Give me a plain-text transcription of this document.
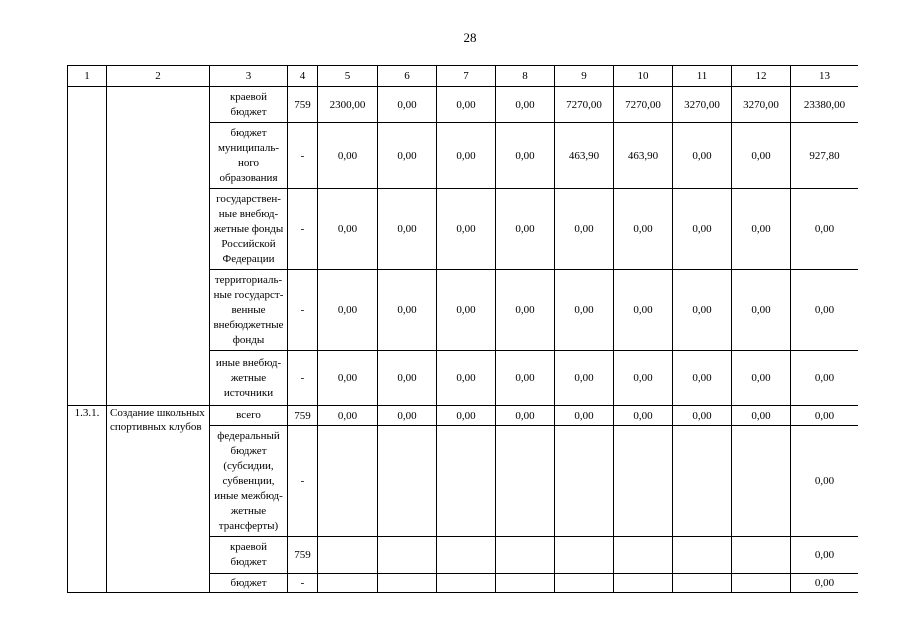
28
1	2	3	4	5	6	7	8	9	10	11	12	13
		краевой бюджет	759	2300,00	0,00	0,00	0,00	7270,00	7270,00	3270,00	3270,00	23380,00
		бюджет муниципаль-ного образования	-	0,00	0,00	0,00	0,00	463,90	463,90	0,00	0,00	927,80
		государствен-ные внебюд-жетные фонды Российской Федерации	-	0,00	0,00	0,00	0,00	0,00	0,00	0,00	0,00	0,00
		территориаль-ные государст-венные внебюджетные фонды	-	0,00	0,00	0,00	0,00	0,00	0,00	0,00	0,00	0,00
		иные внебюд-жетные источники	-	0,00	0,00	0,00	0,00	0,00	0,00	0,00	0,00	0,00
1.3.1.	Создание школьных спортивных клубов	всего	759	0,00	0,00	0,00	0,00	0,00	0,00	0,00	0,00	0,00
		федеральный бюджет (субсидии, субвенции, иные межбюд-жетные трансферты)	-									0,00
		краевой бюджет	759									0,00
		бюджет	-									0,00
